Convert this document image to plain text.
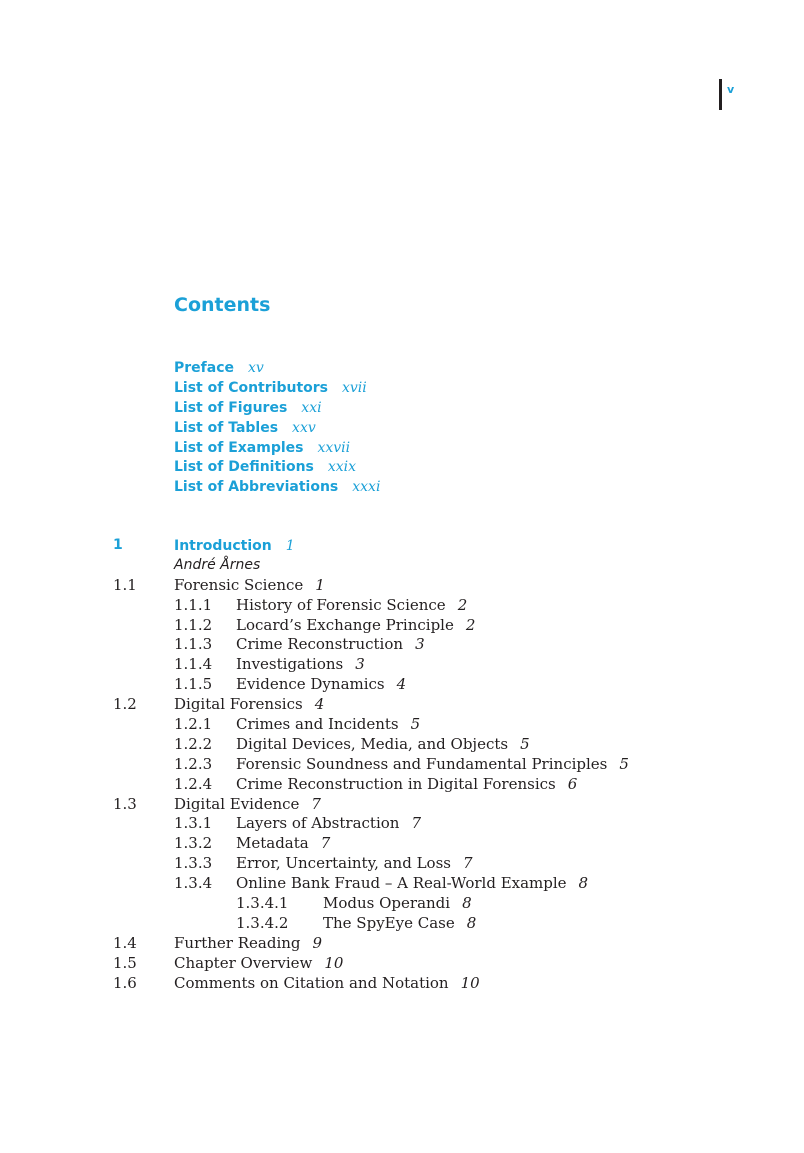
v
Contents
Preface xv
List of Contributors xvii
List of Figures xxi
List of Tables xxv
List of Examples xxvii
List of Definitions xxix
List of Abbreviations xxxi
1	Introduction 1
André Årnes
1.1 Forensic Science 1
1.1.1 History of Forensic Science 2
1.1.2 Locard’s Exchange Principle 2
1.1.3 Crime Reconstruction 3
1.1.4 Investigations 3
1.1.5 Evidence Dynamics 4
1.2 Digital Forensics 4
1.2.1 Crimes and Incidents 5
1.2.2 Digital Devices, Media, and Objects 5
1.2.3 Forensic Soundness and Fundamental Principles 5
1.2.4 Crime Reconstruction in Digital Forensics 6
1.3 Digital Evidence 7
1.3.1 Layers of Abstraction 7
1.3.2 Metadata 7
1.3.3 Error, Uncertainty, and Loss 7
1.3.4 Online Bank Fraud – A Real-World Example 8
1.3.4.1 Modus Operandi 8
1.3.4.2 The SpyEye Case 8
1.4 Further Reading 9
1.5 Chapter Overview 10
1.6 Comments on Citation and Notation 10
